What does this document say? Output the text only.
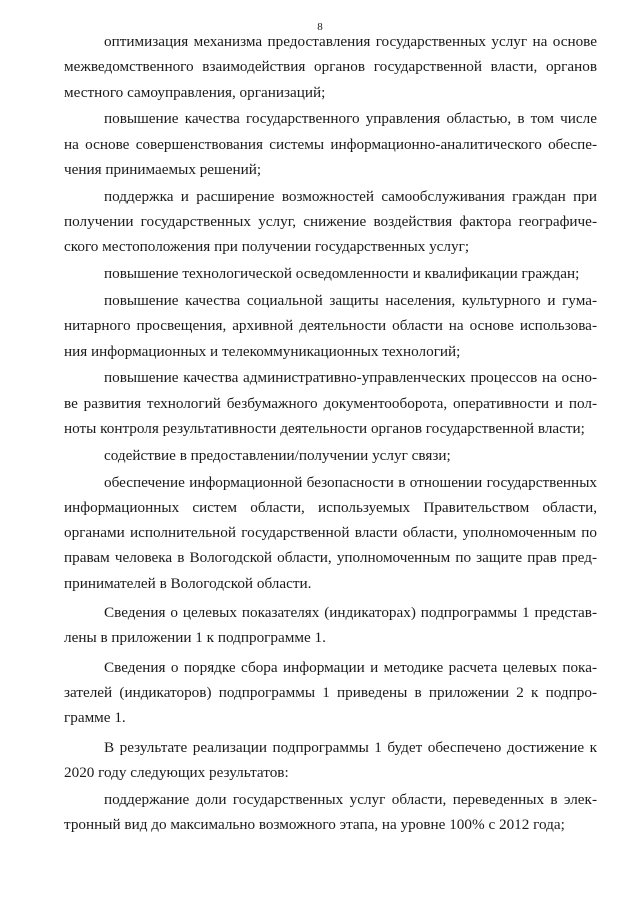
8

оптимизация механизма предоставления государственных услуг на основе межведомственного взаимодействия органов государственной власти, органов местного самоуправления, организаций;

повышение качества государственного управления областью, в том числе на основе совершенствования системы информационно-аналитического обеспечения принимаемых решений;

поддержка и расширение возможностей самообслуживания граждан при получении государственных услуг, снижение воздействия фактора географического местоположения при получении государственных услуг;

повышение технологической осведомленности и квалификации граждан;

повышение качества социальной защиты населения, культурного и гуманитарного просвещения, архивной деятельности области на основе использования информационных и телекоммуникационных технологий;

повышение качества административно-управленческих процессов на основе развития технологий безбумажного документооборота, оперативности и полноты контроля результативности деятельности органов государственной власти;

содействие в предоставлении/получении услуг связи;

обеспечение информационной безопасности в отношении государственных информационных систем области, используемых Правительством области, органами исполнительной государственной власти области, уполномоченным по правам человека в Вологодской области, уполномоченным по защите прав предпринимателей в Вологодской области.

Сведения о целевых показателях (индикаторах) подпрограммы 1 представлены в приложении 1 к подпрограмме 1.

Сведения о порядке сбора информации и методике расчета целевых показателей (индикаторов) подпрограммы 1 приведены в приложении 2 к подпрограмме 1.

В результате реализации подпрограммы 1 будет обеспечено достижение к 2020 году следующих результатов:

поддержание доли государственных услуг области, переведенных в электронный вид до максимально возможного этапа, на уровне 100% с 2012 года;
